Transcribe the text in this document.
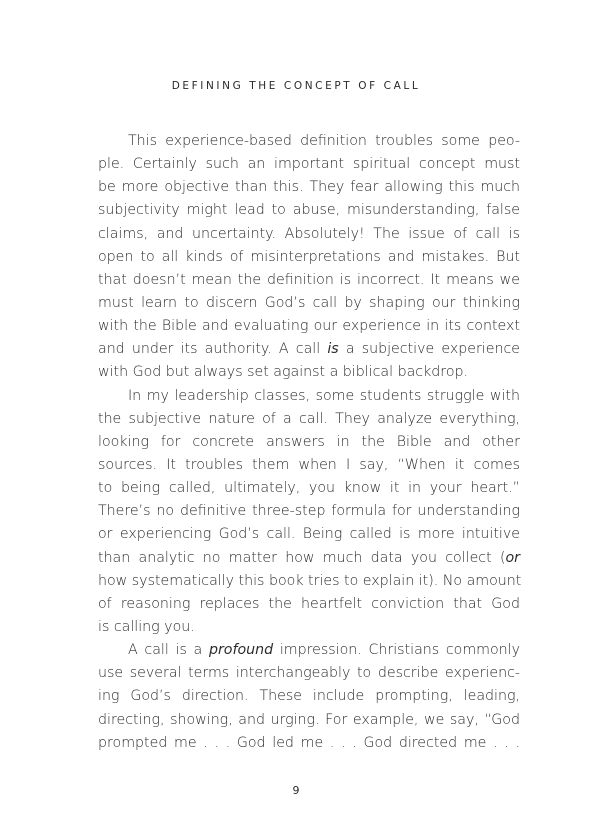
DEFINING THE CONCEPT OF CALL
This experience-based definition troubles some peo-
ple. Certainly such an important spiritual concept must
be more objective than this. They fear allowing this much
subjectivity might lead to abuse, misunderstanding, false
claims, and uncertainty. Absolutely! The issue of call is
open to all kinds of misinterpretations and mistakes. But
that doesn’t mean the definition is incorrect. It means we
must learn to discern God’s call by shaping our thinking
with the Bible and evaluating our experience in its context
and under its authority. A call is a subjective experience
with God but always set against a biblical backdrop.
In my leadership classes, some students struggle with
the subjective nature of a call. They analyze everything,
looking for concrete answers in the Bible and other
sources. It troubles them when I say, “When it comes
to being called, ultimately, you know it in your heart.”
There’s no definitive three-step formula for understanding
or experiencing God’s call. Being called is more intuitive
than analytic no matter how much data you collect (or
how systematically this book tries to explain it). No amount
of reasoning replaces the heartfelt conviction that God
is calling you.
A call is a profound impression. Christians commonly
use several terms interchangeably to describe experienc-
ing God’s direction. These include prompting, leading,
directing, showing, and urging. For example, we say, “God
prompted me . . . God led me . . . God directed me . . .
9
